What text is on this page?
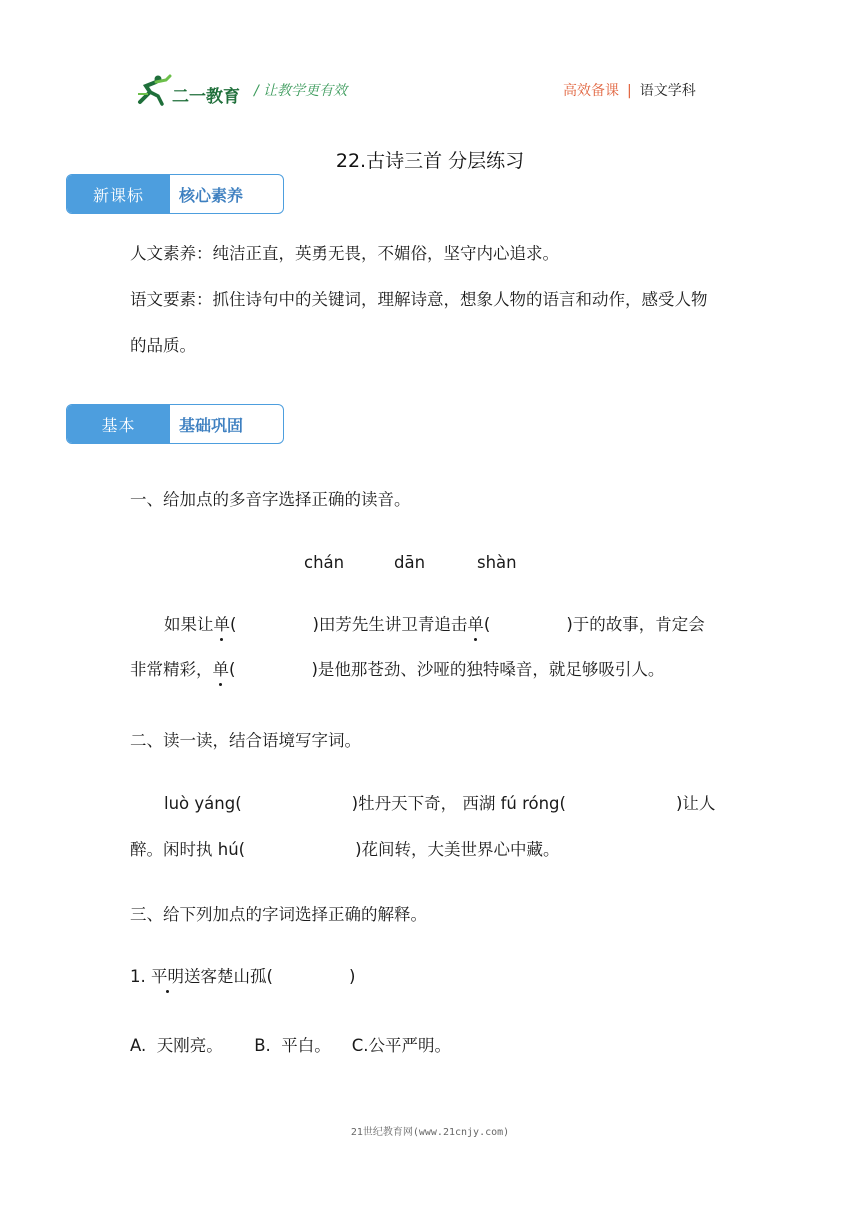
二一教育 / 让教学更有效	高效备课 | 语文学科
22.古诗三首 分层练习
新课标	核心素养
人文素养：纯洁正直，英勇无畏，不媚俗，坚守内心追求。
语文要素：抓住诗句中的关键词，理解诗意，想象人物的语言和动作，感受人物
的品质。
基本	基础巩固
一、给加点的多音字选择正确的读音。
chán	dān	shàn
如果让单(	)田芳先生讲卫青追击单(	)于的故事，肯定会
非常精彩，单(	)是他那苍劲、沙哑的独特嗓音，就足够吸引人。
二、读一读，结合语境写字词。
luò yáng(	)牡丹天下奇， 西湖 fú róng(	)让人
醉。闲时执 hú(	)花间转，大美世界心中藏。
三、给下列加点的字词选择正确的解释。
1. 平明送客楚山孤(	)
A.  天刚亮。      B.  平白。    C.公平严明。
21世纪教育网(www.21cnjy.com)
